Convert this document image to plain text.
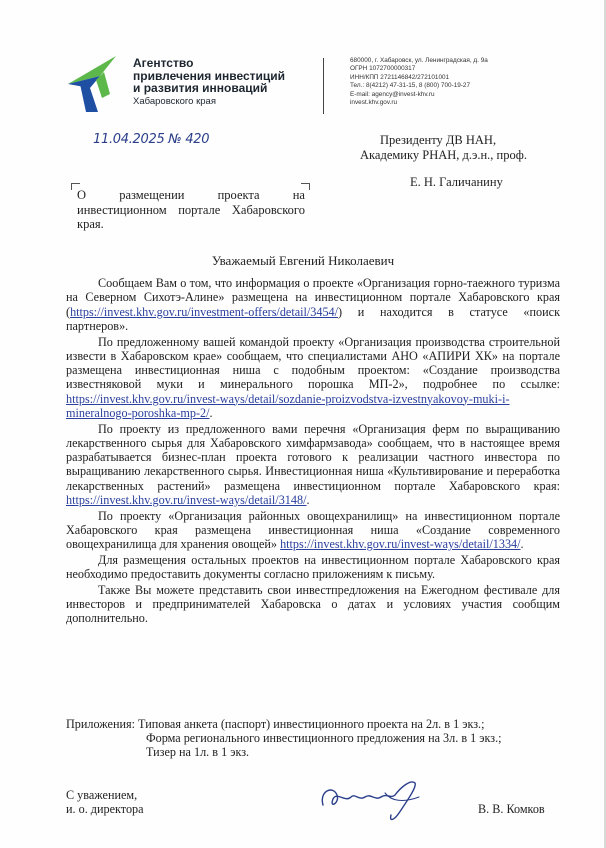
Агентство
привлечения инвестиций
и развития инноваций
Хабаровского края
680000, г. Хабаровск, ул. Ленинградская, д. 9а
ОГРН 1072700000317
ИНН/КПП 2721146842/272101001
Тел.: 8(4212) 47-31-15, 8 (800) 700-19-27
E-mail: agency@invest-khv.ru
invest.khv.gov.ru
11.04.2025 № 420	Президенту ДВ НАН,
Академику РНАН, д.э.н., проф.
Е. Н. Галичанину
О размещении проекта на инвестиционном портале Хабаровского края.
Уважаемый Евгений Николаевич

Сообщаем Вам о том, что информация о проекте «Организация горно-таежного туризма на Северном Сихотэ-Алине» размещена на инвестиционном портале Хабаровского края (https://invest.khv.gov.ru/investment-offers/detail/3454/) и находится в статусе «поиск партнеров».

По предложенному вашей командой проекту «Организация производства строительной извести в Хабаровском крае» сообщаем, что специалистами АНО «АПИРИ ХК» на портале размещена инвестиционная ниша с подобным проектом: «Создание производства известняковой муки и минерального порошка МП-2», подробнее по ссылке: https://invest.khv.gov.ru/invest-ways/detail/sozdanie-proizvodstva-izvestnyakovoy-muki-i-mineralnogo-poroshka-mp-2/.

По проекту из предложенного вами перечня «Организация ферм по выращиванию лекарственного сырья для Хабаровского химфармзавода» сообщаем, что в настоящее время разрабатывается бизнес-план проекта готового к реализации частного инвестора по выращиванию лекарственного сырья. Инвестиционная ниша «Культивирование и переработка лекарственных растений» размещена инвестиционном портале Хабаровского края: https://invest.khv.gov.ru/invest-ways/detail/3148/.

По проекту «Организация районных овощехранилищ» на инвестиционном портале Хабаровского края размещена инвестиционная ниша «Создание современного овощехранилища для хранения овощей» https://invest.khv.gov.ru/invest-ways/detail/1334/.

Для размещения остальных проектов на инвестиционном портале Хабаровского края необходимо предоставить документы согласно приложениям к письму.

Также Вы можете представить свои инвестпредложения на Ежегодном фестивале для инвесторов и предпринимателей Хабаровска о датах и условиях участия сообщим дополнительно.

Приложения: Типовая анкета (паспорт) инвестиционного проекта на 2л. в 1 экз.;
Форма регионального инвестиционного предложения на 3л. в 1 экз.;
Тизер на 1л. в 1 экз.
С уважением,
и. о. директора	В. В. Комков
